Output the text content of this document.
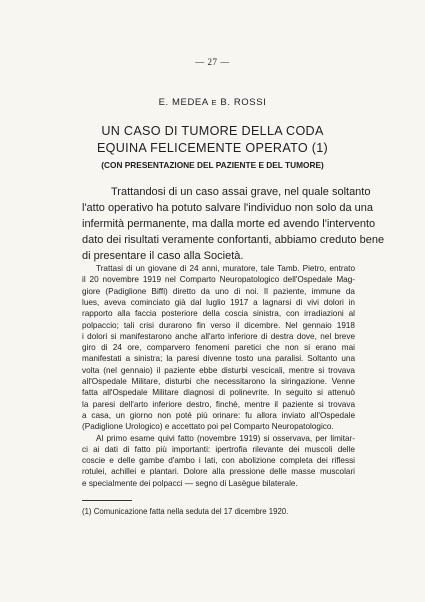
— 27 —
E. MEDEA E B. ROSSI
UN CASO DI TUMORE DELLA CODA
EQUINA FELICEMENTE OPERATO (1)
(CON PRESENTAZIONE DEL PAZIENTE E DEL TUMORE)
Trattandosi di un caso assai grave, nel quale soltanto
l'atto operativo ha potuto salvare l'individuo non solo da una
infermità permanente, ma dalla morte ed avendo l'intervento
dato dei risultati veramente confortanti, abbiamo creduto bene
di presentare il caso alla Società.
Trattasi di un giovane di 24 anni, muratore, tale Tamb. Pietro, entrato
il 20 novembre 1919 nel Comparto Neuropatologico dell'Ospedale Mag-
giore (Padiglione Biffi) diretto da uno di noi. Il paziente, immune da
lues, aveva cominciato già dal luglio 1917 a lagnarsi di vivi dolori in
rapporto alla faccia posteriore della coscia sinistra, con irradiazioni al
polpaccio; tali crisi durarono fin verso il dicembre. Nel gennaio 1918
i dolori si manifestarono anche all'arto inferiore di destra dove, nel breve
giro di 24 ore, comparvero fenomeni paretici che non si erano mai
manifestati a sinistra; la paresi divenne tosto una paralisi. Soltanto una
volta (nel gennaio) il paziente ebbe disturbi vescicali, mentre si trovava
all'Ospedale Militare, disturbi che necessitarono la siringazione. Venne
fatta all'Ospedale Militare diagnosi di polinevrite. In seguito si attenuò
la paresi dell'arto inferiore destro, finchè, mentre il paziente si trovava
a casa, un giorno non poté più orinare: fu allora inviato all'Ospedale
(Padiglione Urologico) e accettato poi pel Comparto Neuropatologico.
(1) Comunicazione fatta nella seduta del 17 dicembre 1920.
Al primo esame quivi fatto (novembre 1919) si osservava, per limitar-
ci ai dati di fatto più importanti: ipertrofia rilevante dei muscoli delle
coscie e delle gambe d'ambo i lati, con abolizione completa dei riflessi
rotulei, achillei e plantari. Dolore alla pressione delle masse muscolari
e specialmente dei polpacci — segno di Lasègue bilaterale.
